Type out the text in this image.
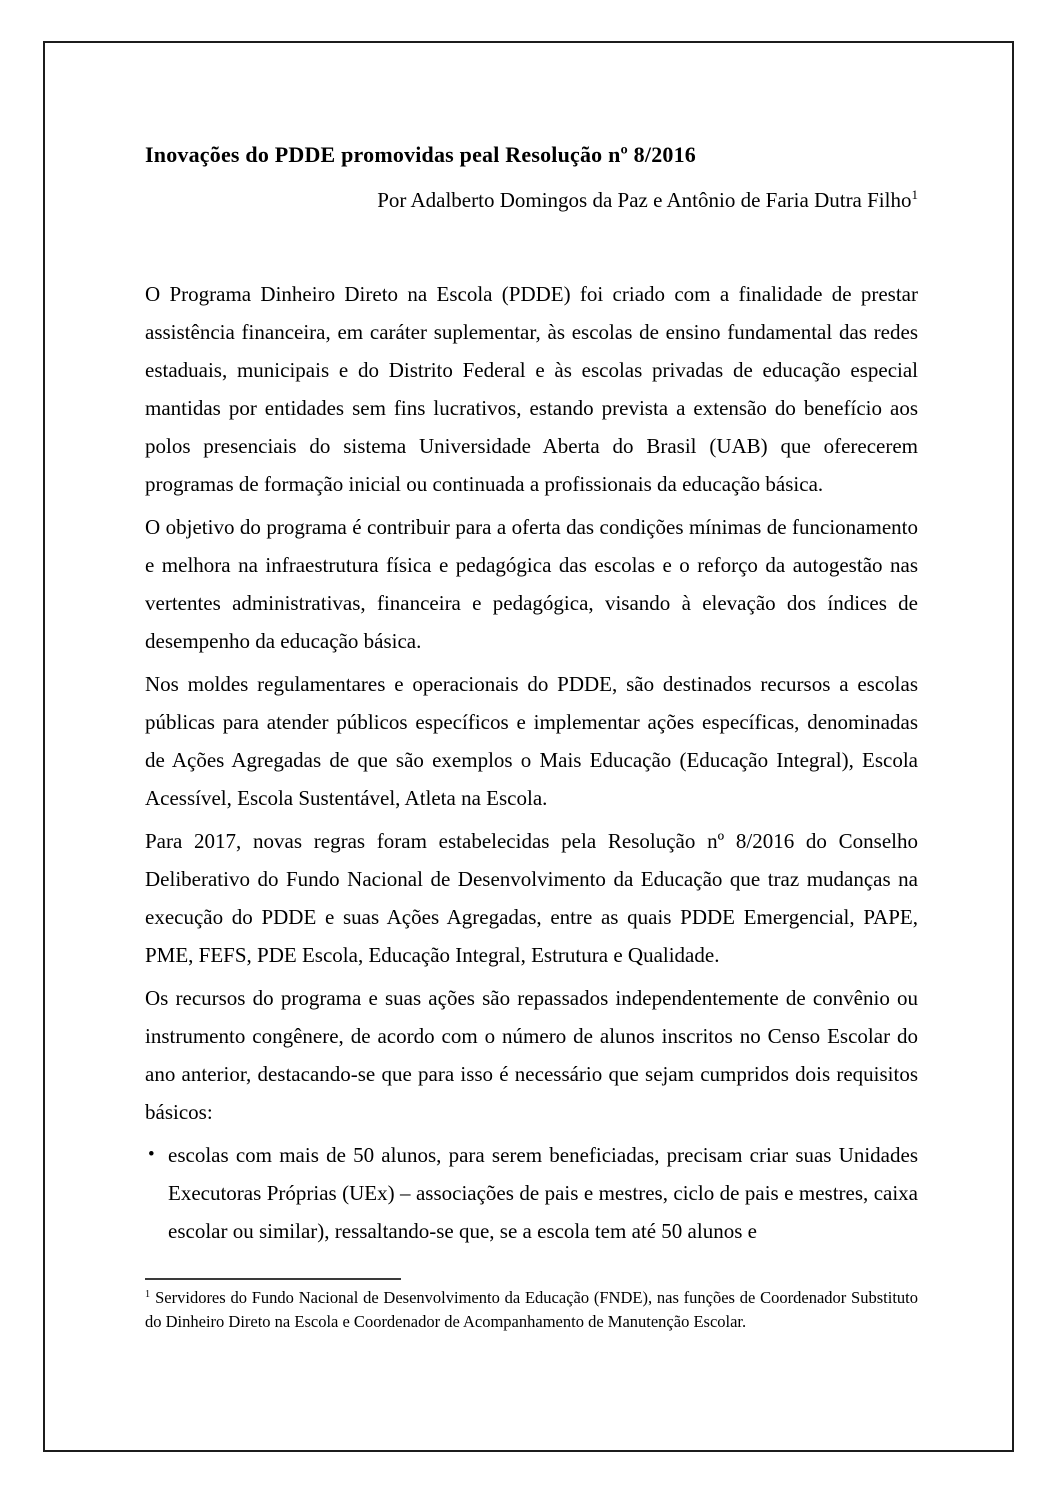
Inovações do PDDE promovidas peal Resolução nº 8/2016

Por Adalberto Domingos da Paz e Antônio de Faria Dutra Filho$^1$

O Programa Dinheiro Direto na Escola (PDDE) foi criado com a finalidade de prestar assistência financeira, em caráter suplementar, às escolas de ensino fundamental das redes estaduais, municipais e do Distrito Federal e às escolas privadas de educação especial mantidas por entidades sem fins lucrativos, estando prevista a extensão do benefício aos polos presenciais do sistema Universidade Aberta do Brasil (UAB) que oferecerem programas de formação inicial ou continuada a profissionais da educação básica.

O objetivo do programa é contribuir para a oferta das condições mínimas de funcionamento e melhora na infraestrutura física e pedagógica das escolas e o reforço da autogestão nas vertentes administrativas, financeira e pedagógica, visando à elevação dos índices de desempenho da educação básica.

Nos moldes regulamentares e operacionais do PDDE, são destinados recursos a escolas públicas para atender públicos específicos e implementar ações específicas, denominadas de Ações Agregadas de que são exemplos o Mais Educação (Educação Integral), Escola Acessível, Escola Sustentável, Atleta na Escola.

Para 2017, novas regras foram estabelecidas pela Resolução nº 8/2016 do Conselho Deliberativo do Fundo Nacional de Desenvolvimento da Educação que traz mudanças na execução do PDDE e suas Ações Agregadas, entre as quais PDDE Emergencial, PAPE, PME, FEFS, PDE Escola, Educação Integral, Estrutura e Qualidade.

Os recursos do programa e suas ações são repassados independentemente de convênio ou instrumento congênere, de acordo com o número de alunos inscritos no Censo Escolar do ano anterior, destacando-se que para isso é necessário que sejam cumpridos dois requisitos básicos:

• escolas com mais de 50 alunos, para serem beneficiadas, precisam criar suas Unidades Executoras Próprias (UEx) – associações de pais e mestres, ciclo de pais e mestres, caixa escolar ou similar), ressaltando-se que, se a escola tem até 50 alunos e

$^1$ Servidores do Fundo Nacional de Desenvolvimento da Educação (FNDE), nas funções de Coordenador Substituto do Dinheiro Direto na Escola e Coordenador de Acompanhamento de Manutenção Escolar.
